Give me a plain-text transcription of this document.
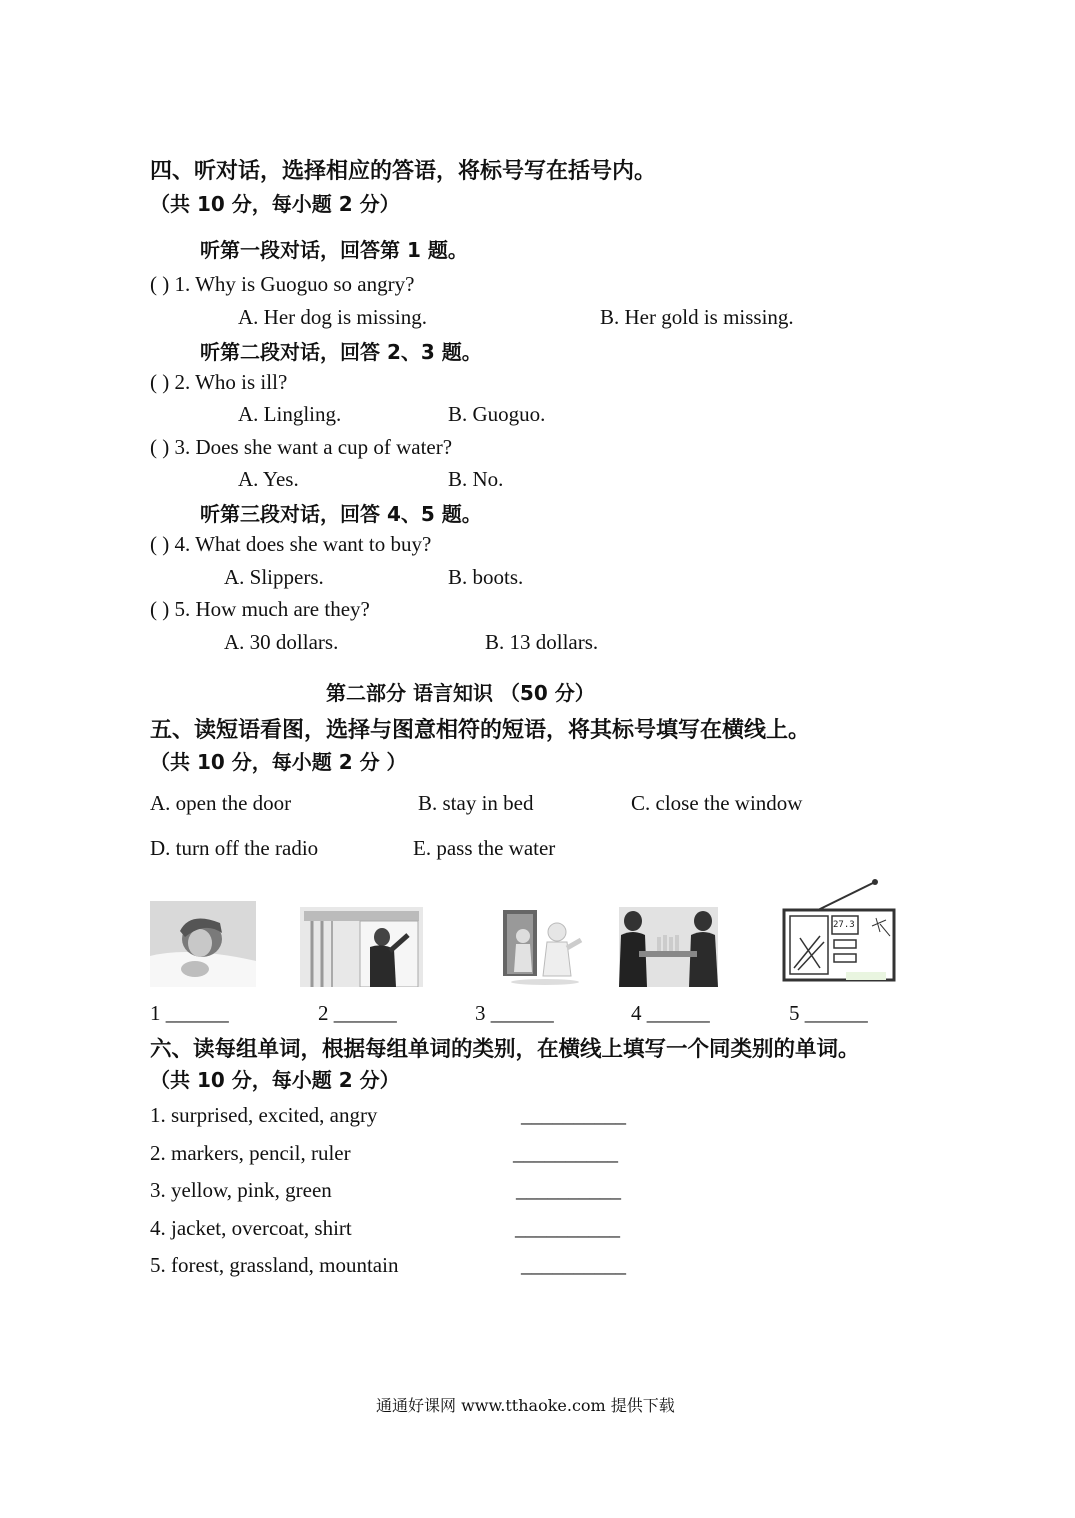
四、听对话，选择相应的答语，将标号写在括号内。
（共 10 分，每小题 2 分）
听第一段对话，回答第 1 题。
( ) 1. Why is Guoguo so angry?
A. Her dog is missing.	B. Her gold is missing.
听第二段对话，回答 2、3 题。
( ) 2. Who is ill?
A. Lingling.	B. Guoguo.
( ) 3. Does she want a cup of water?
A. Yes.	B. No.
听第三段对话，回答 4、5 题。
( ) 4. What does she want to buy?
A. Slippers.	B. boots.
( ) 5. How much are they?
A. 30 dollars.	B. 13 dollars.
第二部分 语言知识 （50 分）
五、读短语看图，选择与图意相符的短语，将其标号填写在横线上。
（共 10 分，每小题 2 分 ）
A. open the door	B. stay in bed	C. close the window
D. turn off the radio	E. pass the water
27.3
1 ______	2 ______	3 ______	4 ______	5 ______
六、读每组单词，根据每组单词的类别，在横线上填写一个同类别的单词。
（共 10 分，每小题 2 分）
1. surprised, excited, angry	__________
2. markers, pencil, ruler	__________
3. yellow, pink, green	__________
4. jacket, overcoat, shirt	__________
5. forest, grassland, mountain	__________
通通好课网 www.tthaoke.com 提供下载
